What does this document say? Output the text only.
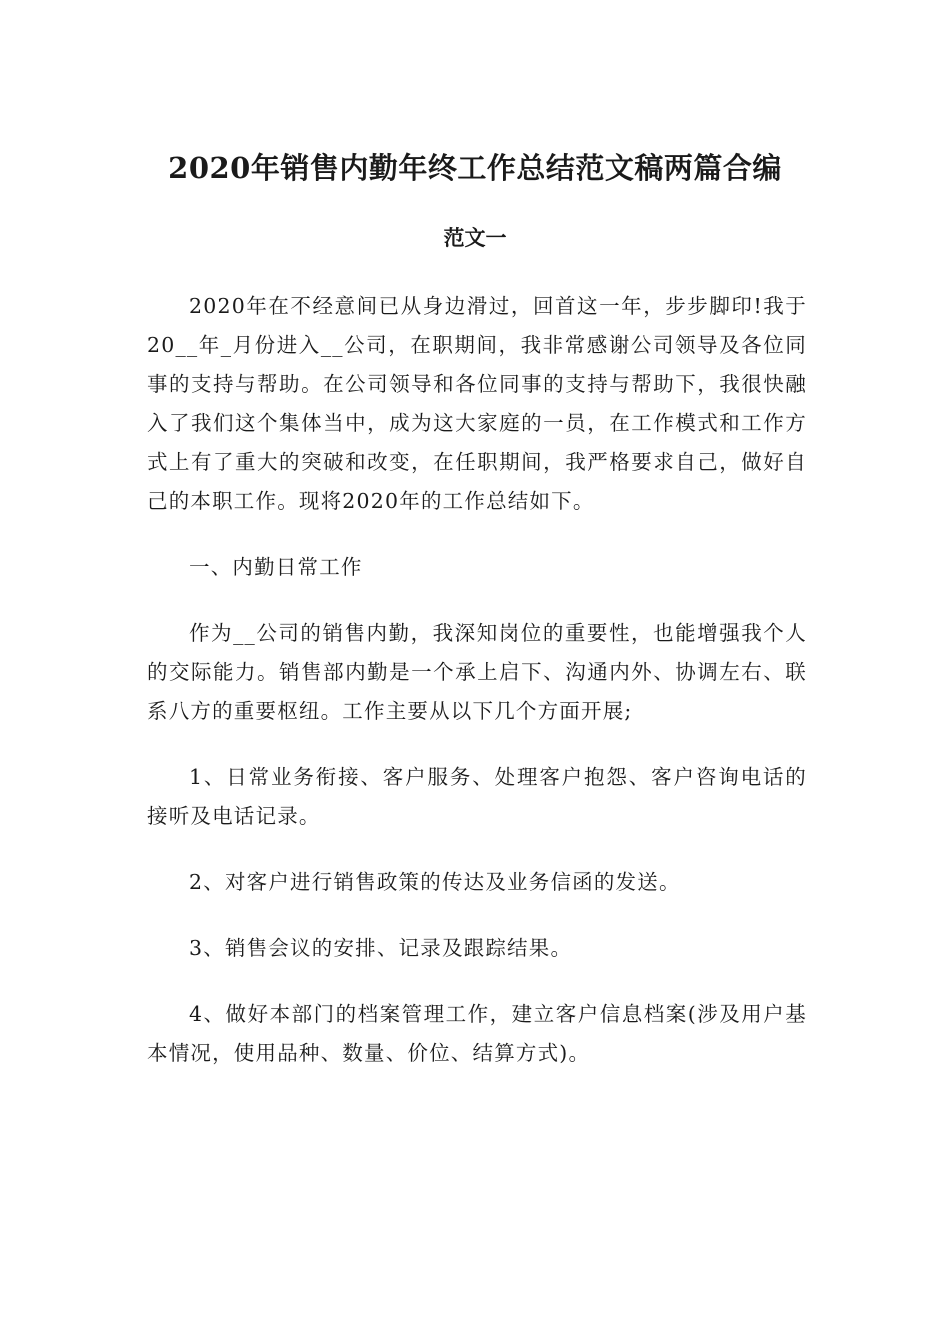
2020年销售内勤年终工作总结范文稿两篇合编
范文一

2020年在不经意间已从身边滑过，回首这一年，步步脚印!我于20__年_月份进入__公司，在职期间，我非常感谢公司领导及各位同事的支持与帮助。在公司领导和各位同事的支持与帮助下，我很快融入了我们这个集体当中，成为这大家庭的一员，在工作模式和工作方式上有了重大的突破和改变，在任职期间，我严格要求自己，做好自己的本职工作。现将2020年的工作总结如下。

一、内勤日常工作

作为__公司的销售内勤，我深知岗位的重要性，也能增强我个人的交际能力。销售部内勤是一个承上启下、沟通内外、协调左右、联系八方的重要枢纽。工作主要从以下几个方面开展;

1、日常业务衔接、客户服务、处理客户抱怨、客户咨询电话的接听及电话记录。

2、对客户进行销售政策的传达及业务信函的发送。

3、销售会议的安排、记录及跟踪结果。

4、做好本部门的档案管理工作，建立客户信息档案(涉及用户基本情况，使用品种、数量、价位、结算方式)。
